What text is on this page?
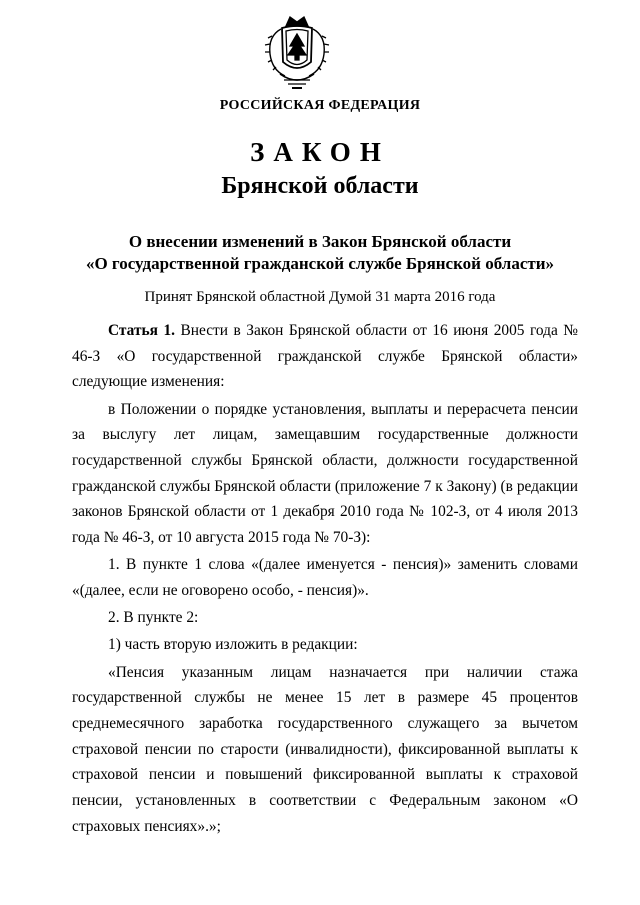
РОССИЙСКАЯ ФЕДЕРАЦИЯ
ЗАКОН
Брянской области
О внесении изменений в Закон Брянской области
«О государственной гражданской службе Брянской области»
Принят Брянской областной Думой 31 марта 2016 года

Статья 1. Внести в Закон Брянской области от 16 июня 2005 года № 46-З «О государственной гражданской службе Брянской области» следующие изменения:

в Положении о порядке установления, выплаты и перерасчета пенсии за выслугу лет лицам, замещавшим государственные должности государственной службы Брянской области, должности государственной гражданской службы Брянской области (приложение 7 к Закону) (в редакции законов Брянской области от 1 декабря 2010 года № 102-З, от 4 июля 2013 года № 46-З, от 10 августа 2015 года № 70-З):

1. В пункте 1 слова «(далее именуется - пенсия)» заменить словами «(далее, если не оговорено особо, - пенсия)».

2. В пункте 2:

1) часть вторую изложить в редакции:

«Пенсия указанным лицам назначается при наличии стажа государственной службы не менее 15 лет в размере 45 процентов среднемесячного заработка государственного служащего за вычетом страховой пенсии по старости (инвалидности), фиксированной выплаты к страховой пенсии и повышений фиксированной выплаты к страховой пенсии, установленных в соответствии с Федеральным законом «О страховых пенсиях».»;
